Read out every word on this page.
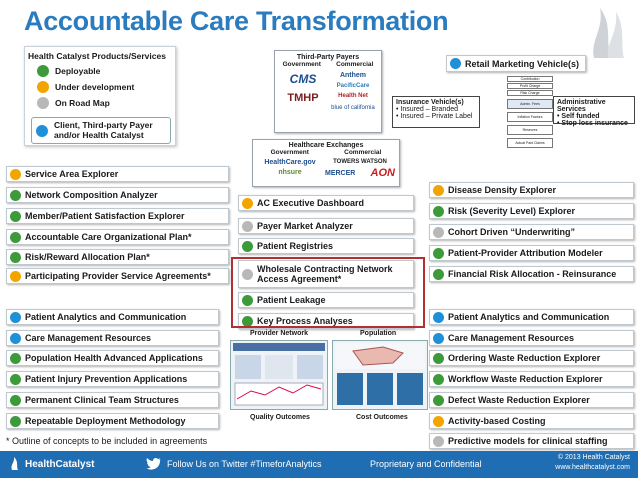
Accountable Care Transformation
Health Catalyst Products/Services
Deployable
Under development
On Road Map
Client, Third-party Payer and/or Health Catalyst
Third-Party Payers
Government Commercial
CMS
TMHP
Anthem
PacificCare
Health Net
blue of california
Retail Marketing Vehicle(s)
Contribution
Profit Charge
Risk Charge
Admin. Fees
Inflation Factors
Reserves
Actual Paid Claims
Insurance Vehicle(s)
• Insured – Branded
• Insured – Private Label
Administrative Services
• Self funded
• Stop loss insurance
Healthcare Exchanges
Government	Commercial
HealthCare.gov
nhsure
TOWERS WATSON
MERCER AON
Service Area Explorer
Network Composition Analyzer
Member/Patient Satisfaction Explorer
Accountable Care Organizational Plan*
Risk/Reward Allocation Plan*
Participating Provider Service Agreements*
AC Executive Dashboard
Payer Market Analyzer
Patient Registries
Wholesale Contracting Network Access Agreement*
Patient Leakage
Key Process Analyses
Disease Density Explorer
Risk (Severity Level) Explorer
Cohort Driven “Underwriting”
Patient-Provider Attribution Modeler
Financial Risk Allocation - Reinsurance
Patient Analytics and Communication
Care Management Resources
Population Health Advanced Applications
Patient Injury Prevention Applications
Permanent Clinical Team Structures
Repeatable Deployment Methodology
Patient Analytics and Communication
Care Management Resources
Ordering Waste Reduction Explorer
Workflow Waste Reduction Explorer
Defect Waste Reduction Explorer
Activity-based Costing
Predictive models for clinical staffing
Provider Network	Population
Quality Outcomes	Cost Outcomes
* Outline of concepts to be included in agreements
HealthCatalyst	Follow Us on Twitter #TimeforAnalytics	Proprietary and Confidential
© 2013 Health Catalyst
www.healthcatalyst.com
